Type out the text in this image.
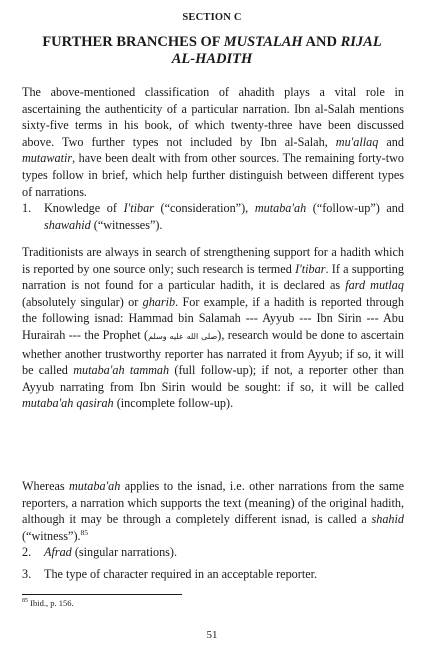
SECTION C
FURTHER BRANCHES OF MUSTALAH AND RIJAL
AL-HADITH

The above-mentioned classification of ahadith plays a vital role in ascertaining the authenticity of a particular narration. Ibn al-Salah mentions sixty-five terms in his book, of which twenty-three have been discussed above. Two further types not included by Ibn al-Salah, mu'allaq and mutawatir, have been dealt with from other sources. The remaining forty-two types follow in brief, which help further distinguish between different types of narrations.

1. Knowledge of I'tibar (“consideration”), mutaba'ah (“follow-up”) and shawahid (“witnesses”).

Traditionists are always in search of strengthening support for a hadith which is reported by one source only; such research is termed I'tibar. If a supporting narration is not found for a particular hadith, it is declared as fard mutlaq (absolutely singular) or gharib. For example, if a hadith is reported through the following isnad: Hammad bin Salamah --- Ayyub --- Ibn Sirin --- Abu Hurairah --- the Prophet (صلى الله عليه وسلم), research would be done to ascertain whether another trustworthy reporter has narrated it from Ayyub; if so, it will be called mutaba'ah tammah (full follow-up); if not, a reporter other than Ayyub narrating from Ibn Sirin would be sought: if so, it will be called mutaba'ah qasirah (incomplete follow-up).

Whereas mutaba'ah applies to the isnad, i.e. other narrations from the same reporters, a narration which supports the text (meaning) of the original hadith, although it may be through a completely different isnad, is called a shahid (“witness”).$^{85}$

2. Afrad (singular narrations).
3. The type of character required in an acceptable reporter.
$^{85}$ Ibid., p. 156.
51
